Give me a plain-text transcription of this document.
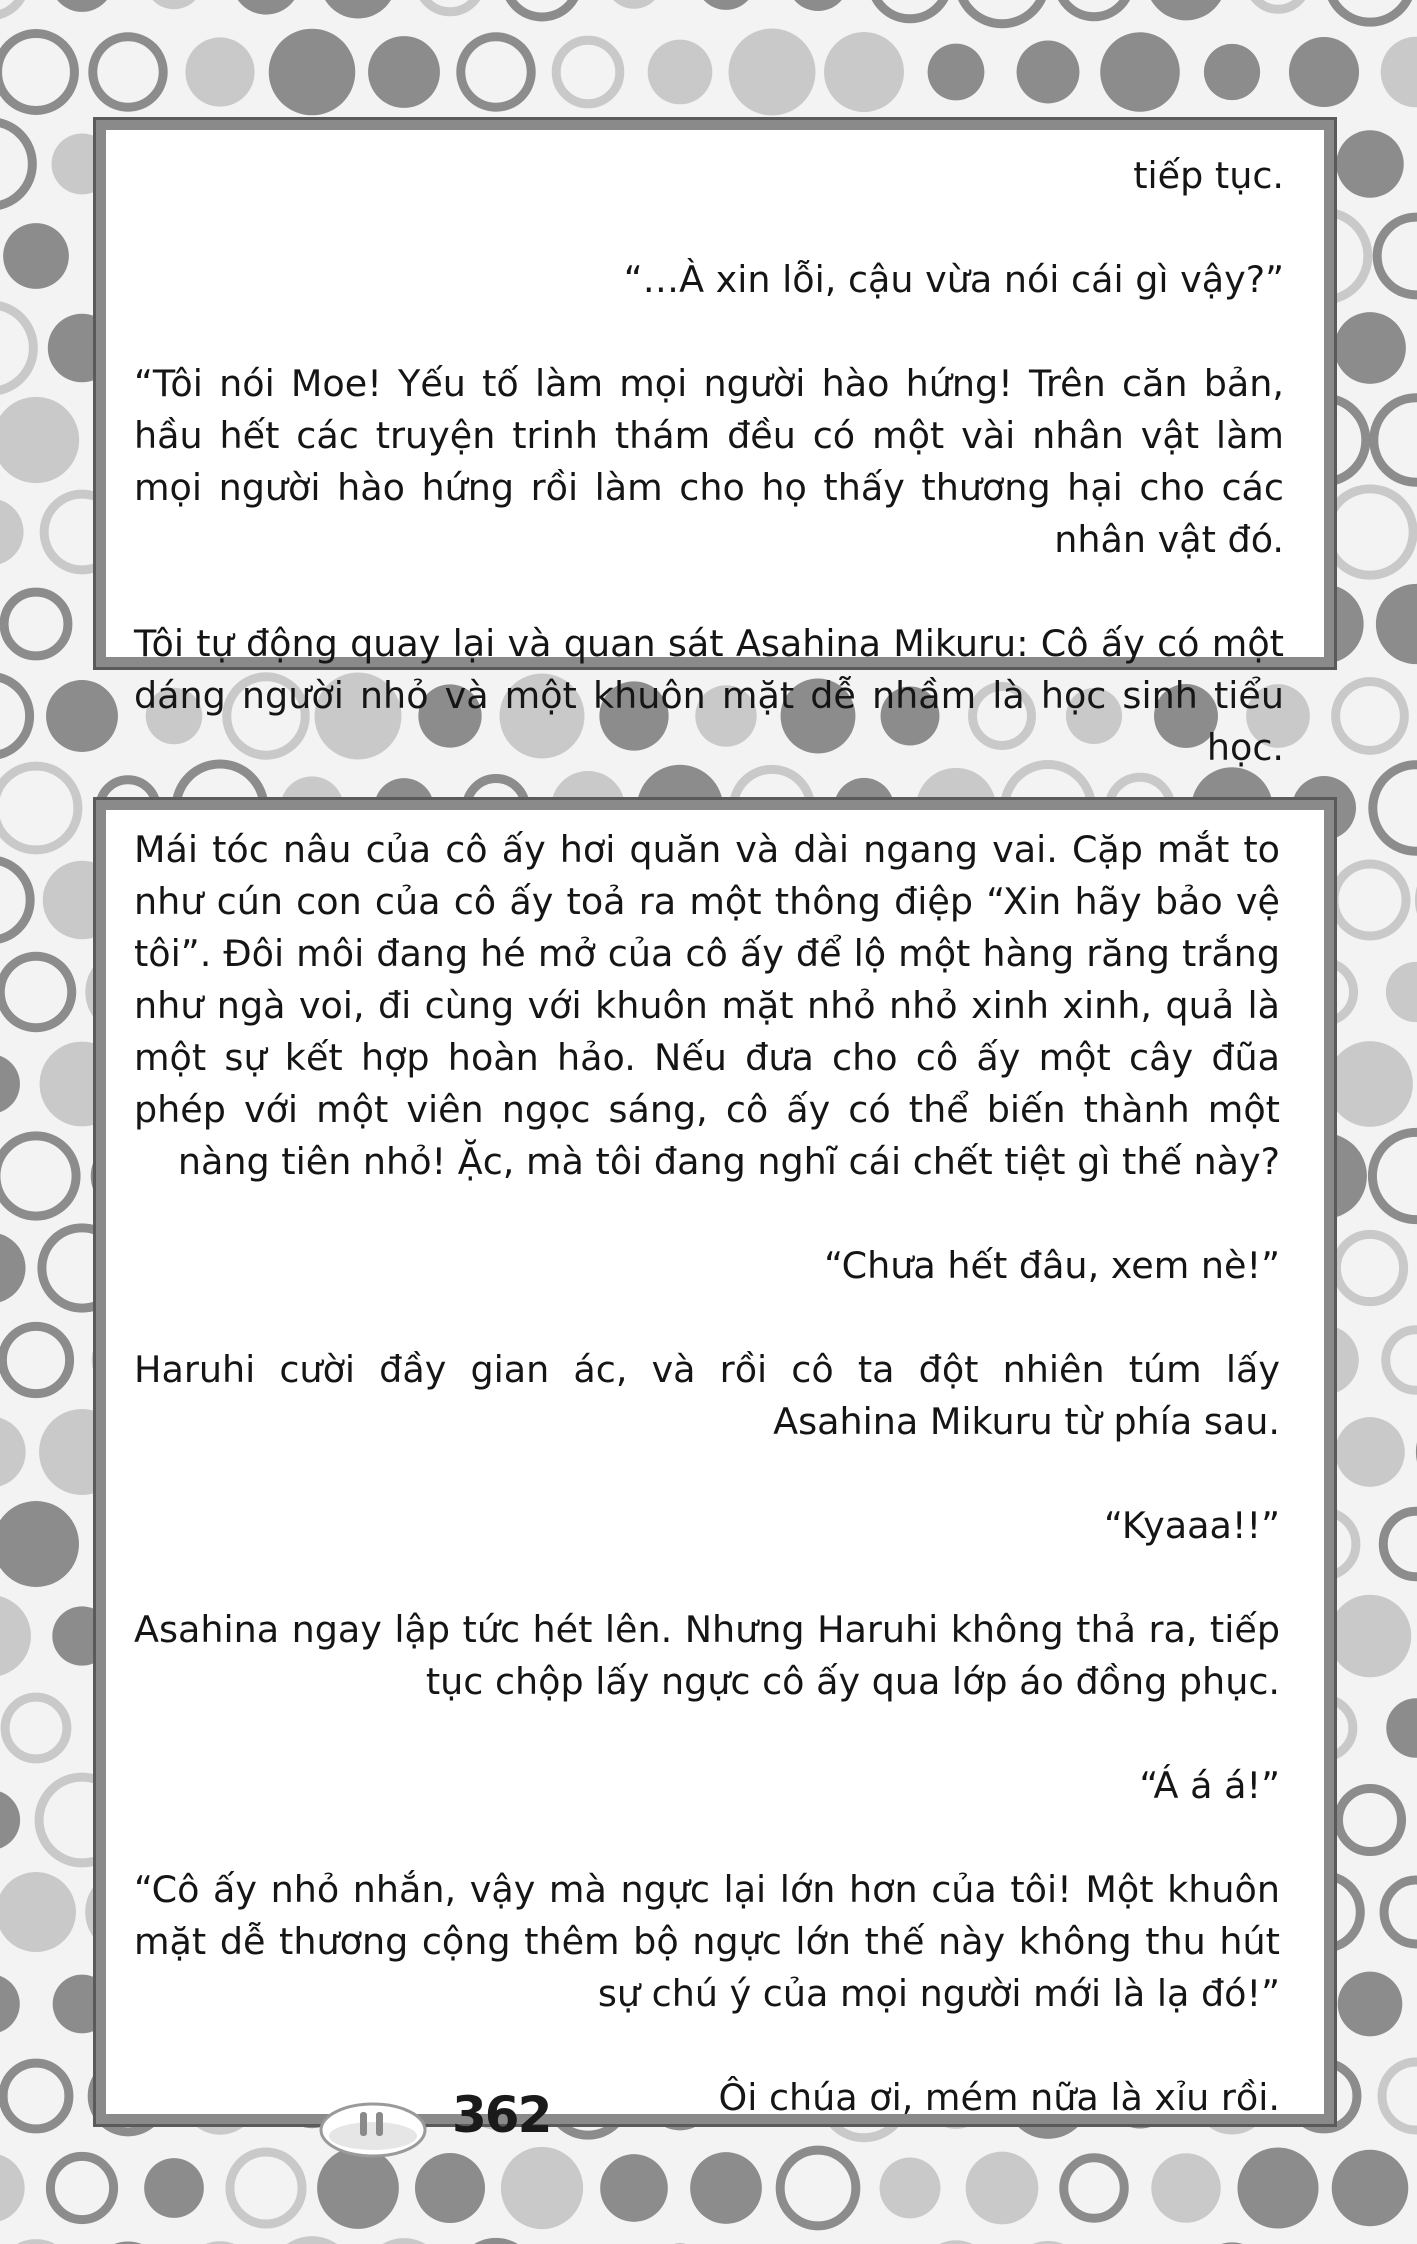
tiếp tục.

“…À xin lỗi, cậu vừa nói cái gì vậy?”

“Tôi nói Moe! Yếu tố làm mọi người hào hứng! Trên căn bản, hầu hết các truyện trinh thám đều có một vài nhân vật làm mọi người hào hứng rồi làm cho họ thấy thương hại cho các nhân vật đó.

Tôi tự động quay lại và quan sát Asahina Mikuru: Cô ấy có một dáng người nhỏ và một khuôn mặt dễ nhầm là học sinh tiểu học.

Mái tóc nâu của cô ấy hơi quăn và dài ngang vai. Cặp mắt to như cún con của cô ấy toả ra một thông điệp “Xin hãy bảo vệ tôi”. Đôi môi đang hé mở của cô ấy để lộ một hàng răng trắng như ngà voi, đi cùng với khuôn mặt nhỏ nhỏ xinh xinh, quả là một sự kết hợp hoàn hảo. Nếu đưa cho cô ấy một cây đũa phép với một viên ngọc sáng, cô ấy có thể biến thành một nàng tiên nhỏ! Ặc, mà tôi đang nghĩ cái chết tiệt gì thế này?

“Chưa hết đâu, xem nè!”

Haruhi cười đầy gian ác, và rồi cô ta đột nhiên túm lấy Asahina Mikuru từ phía sau.

“Kyaaa!!”

Asahina ngay lập tức hét lên. Nhưng Haruhi không thả ra, tiếp tục chộp lấy ngực cô ấy qua lớp áo đồng phục.

“Á á á!”

“Cô ấy nhỏ nhắn, vậy mà ngực lại lớn hơn của tôi! Một khuôn mặt dễ thương cộng thêm bộ ngực lớn thế này không thu hút sự chú ý của mọi người mới là lạ đó!”

Ôi chúa ơi, mém nữa là xỉu rồi.

362
